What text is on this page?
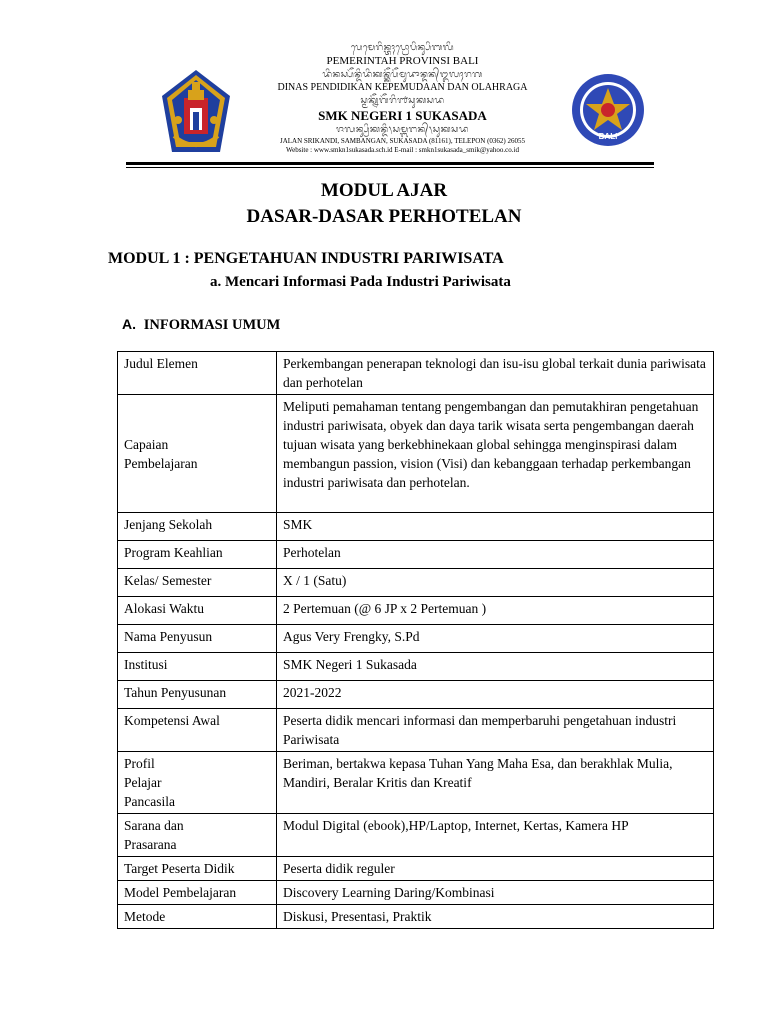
ᬧᬾᬫᬾᬭᬶᬦ᭄ᬢᬄᬧ᭄ᬭᭀᬧᬶᬦ᭄ᬲᬶᬩᬮᬶ
PEMERINTAH PROVINSI BALI
ᬤᬶᬦᬲ᭄ᬧᭂᬦ᭄ᬤᬶᬤᬶᬓᬦ᭄ᬓᭂᬧᭂᬫᬸᬤᬵᬦ᭄ᬤᬦ᭄ᬑᬮᬄᬭᬕ
DINAS PENDIDIKAN KEPEMUDAAN DAN OLAHRAGA
ᬲ᭄ᬫᬓ᭄ᬦᭂᬕᭂᬭᬶ᭑ᬲᬸᬓᬲᬤ
SMK NEGERI 1 SUKASADA
ᬚᬮᬦ᭄ᬲ᭄ᬭᬶᬓᬦ᭄ᬤᬶ᭞ᬲᬫ᭄ᬩᬗᬦ᭄᭞ᬲᬸᬓᬲᬤ
JALAN SRIKANDI, SAMBANGAN, SUKASADA (81161), TELEPON (0362) 26055
Website : www.smkn1sukasada.sch.id E-mail : smkn1sukasada_smik@yahoo.co.id
BALI
MODUL AJAR
DASAR-DASAR PERHOTELAN
MODUL 1 : PENGETAHUAN INDUSTRI PARIWISATA
a. Mencari Informasi Pada Industri Pariwisata
A. INFORMASI UMUM
Judul Elemen	Perkembangan penerapan teknologi dan isu-isu global terkait dunia pariwisata dan perhotelan
Capaian
Pembelajaran	Meliputi pemahaman tentang pengembangan dan pemutakhiran pengetahuan industri pariwisata, obyek dan daya tarik wisata serta pengembangan daerah tujuan wisata yang berkebhinekaan global sehingga menginspirasi dalam membangun passion, vision (Visi) dan kebanggaan terhadap perkembangan industri pariwisata dan perhotelan.
Jenjang Sekolah	SMK
Program Keahlian	Perhotelan
Kelas/ Semester	X / 1 (Satu)
Alokasi Waktu	2 Pertemuan (@ 6 JP x 2 Pertemuan )
Nama Penyusun	Agus Very Frengky, S.Pd
Institusi	SMK Negeri 1 Sukasada
Tahun Penyusunan	2021-2022
Kompetensi Awal	Peserta didik mencari informasi dan memperbaruhi pengetahuan industri Pariwisata
Profil
Pelajar
Pancasila	Beriman, bertakwa kepasa Tuhan Yang Maha Esa, dan berakhlak Mulia, Mandiri, Beralar Kritis dan Kreatif
Sarana dan
Prasarana	Modul Digital (ebook),HP/Laptop, Internet, Kertas, Kamera HP
Target Peserta Didik	Peserta didik reguler
Model Pembelajaran	Discovery Learning Daring/Kombinasi
Metode	Diskusi, Presentasi, Praktik
